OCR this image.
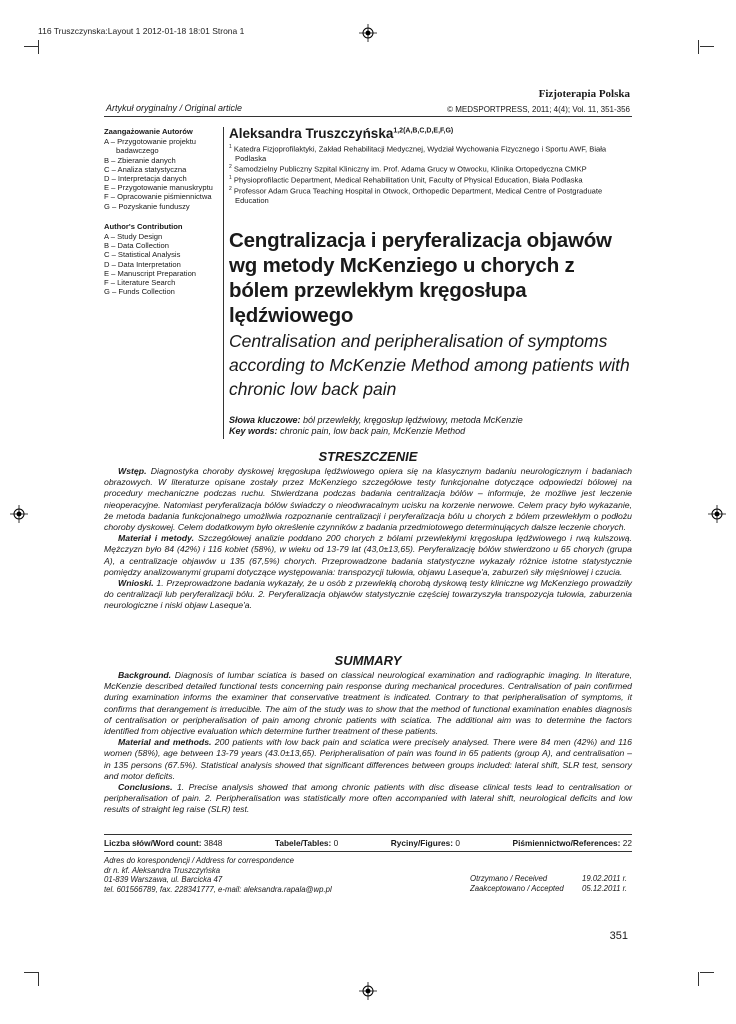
116 Truszczynska:Layout 1 2012-01-18 18:01 Strona 1
Artykuł oryginalny / Original article
Fizjoterapia Polska
© MEDSPORTPRESS, 2011; 4(4); Vol. 11, 351-356
Zaangażowanie Autorów
A – Przygotowanie projektu badawczego
B – Zbieranie danych
C – Analiza statystyczna
D – Interpretacja danych
E – Przygotowanie manuskryptu
F – Opracowanie piśmiennictwa
G – Pozyskanie funduszy
Author's Contribution
A – Study Design
B – Data Collection
C – Statistical Analysis
D – Data Interpretation
E – Manuscript Preparation
F – Literature Search
G – Funds Collection
Aleksandra Truszczyńska$^{1,2(A,B,C,D,E,F,G)}$
$^1$ Katedra Fizjoprofilaktyki, Zakład Rehabilitacji Medycznej, Wydział Wychowania Fizycznego i Sportu AWF, Biała Podlaska
$^2$ Samodzielny Publiczny Szpital Kliniczny im. Prof. Adama Grucy w Otwocku, Klinika Ortopedyczna CMKP
$^1$ Physioprofilactic Department, Medical Rehabilitation Unit, Faculty of Physical Education, Biała Podlaska
$^2$ Professor Adam Gruca Teaching Hospital in Otwock, Orthopedic Department, Medical Centre of Postgraduate Education
Cengtralizacja i peryferalizacja objawów wg metody McKenziego u chorych z bólem przewlekłym kręgosłupa lędźwiowego
Centralisation and peripheralisation of symptoms according to McKenzie Method among patients with chronic low back pain
Słowa kluczowe: ból przewlekły, kręgosłup lędźwiowy, metoda McKenzie
Key words: chronic pain, low back pain, McKenzie Method
STRESZCZENIE

Wstęp. Diagnostyka choroby dyskowej kręgosłupa lędźwiowego opiera się na klasycznym badaniu neurologicznym i badaniach obrazowych. W literaturze opisane zostały przez McKenziego szczegółowe testy funkcjonalne dotyczące odpowiedzi bólowej na procedury mechaniczne podczas ruchu. Stwierdzana podczas badania centralizacja bólów – informuje, że możliwe jest leczenie nieoperacyjne. Natomiast peryferalizacja bólów świadczy o nieodwracalnym ucisku na korzenie nerwowe. Celem pracy było wykazanie, że metoda badania funkcjonalnego umożliwia rozpoznanie centralizacji i peryferalizacja bólu u chorych z bólem przewlekłym o podłożu choroby dyskowej. Celem dodatkowym było określenie czynników z badania przedmiotowego determinujących dalsze leczenie chorych.

Materiał i metody. Szczegółowej analizie poddano 200 chorych z bólami przewlekłymi kręgosłupa lędźwiowego i rwą kulszową. Mężczyzn było 84 (42%) i 116 kobiet (58%), w wieku od 13-79 lat (43,0±13,65). Peryferalizację bólów stwierdzono u 65 chorych (grupa A), a centralizacje objawów u 135 (67,5%) chorych. Przeprowadzone badania statystyczne wykazały różnice istotne statystycznie pomiędzy analizowanymi grupami dotyczące występowania: transpozycji tułowia, objawu Laseque'a, zaburzeń siły mięśniowej i czucia.

Wnioski. 1. Przeprowadzone badania wykazały, że u osób z przewlekłą chorobą dyskową testy kliniczne wg McKenziego prowadziły do centralizacji lub peryferalizacji bólu. 2. Peryferalizacja objawów statystycznie częściej towarzyszyła transpozycja tułowia, zaburzenia neurologiczne i niski objaw Laseque'a.

SUMMARY

Background. Diagnosis of lumbar sciatica is based on classical neurological examination and radiographic imaging. In literature, McKenzie described detailed functional tests concerning pain response during mechanical procedures. Centralisation of pain confirmed during examination informs the examiner that conservative treatment is indicated. Contrary to that peripheralisation of symptoms, it confirms that derangement is irreducible. The aim of the study was to show that the method of functional examination enables diagnosis of centralisation or peripheralisation of pain among chronic patients with sciatica. The additional aim was to determine the factors identified from objective evaluation which determine further treatment of these patients.

Material and methods. 200 patients with low back pain and sciatica were precisely analysed. There were 84 men (42%) and 116 women (58%), age between 13-79 years (43.0±13,65). Peripheralisation of pain was found in 65 patients (group A), and centralisation – in 135 persons (67.5%). Statistical analysis showed that significant differences between groups included: lateral shift, SLR test, sensory and motor deficits.

Conclusions. 1. Precise analysis showed that among chronic patients with disc disease clinical tests lead to centralisation or peripheralisation of pain. 2. Peripheralisation was statistically more often accompanied with lateral shift, neurological deficits and low results of straight leg raise (SLR) test.

Liczba słów/Word count: 3848	Tabele/Tables: 0	Ryciny/Figures: 0	Piśmiennictwo/References: 22
Adres do korespondencji / Address for correspondence
dr n. kf. Aleksandra Truszczyńska
01-839 Warszawa, ul. Barcicka 47
tel. 601566789, fax. 228341777, e-mail: aleksandra.rapala@wp.pl
Otrzymano / Received	19.02.2011 r.
Zaakceptowano / Accepted	05.12.2011 r.
351
